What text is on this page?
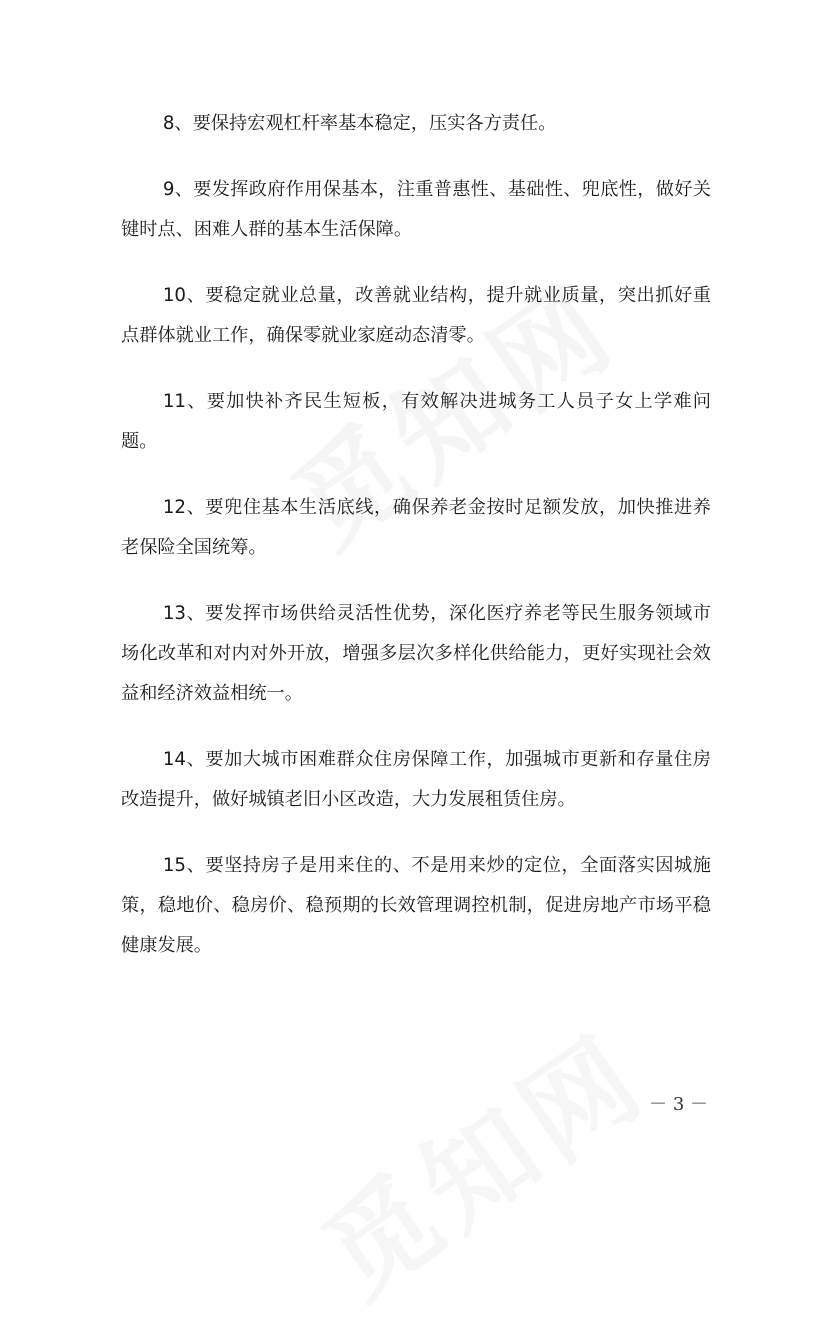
8、要保持宏观杠杆率基本稳定，压实各方责任。

9、要发挥政府作用保基本，注重普惠性、基础性、兜底性，做好关键时点、困难人群的基本生活保障。

10、要稳定就业总量，改善就业结构，提升就业质量，突出抓好重点群体就业工作，确保零就业家庭动态清零。

11、要加快补齐民生短板，有效解决进城务工人员子女上学难问题。

12、要兜住基本生活底线，确保养老金按时足额发放，加快推进养老保险全国统筹。

13、要发挥市场供给灵活性优势，深化医疗养老等民生服务领域市场化改革和对内对外开放，增强多层次多样化供给能力，更好实现社会效益和经济效益相统一。

14、要加大城市困难群众住房保障工作，加强城市更新和存量住房改造提升，做好城镇老旧小区改造，大力发展租赁住房。

15、要坚持房子是用来住的、不是用来炒的定位，全面落实因城施策，稳地价、稳房价、稳预期的长效管理调控机制，促进房地产市场平稳健康发展。

－ 3 －
